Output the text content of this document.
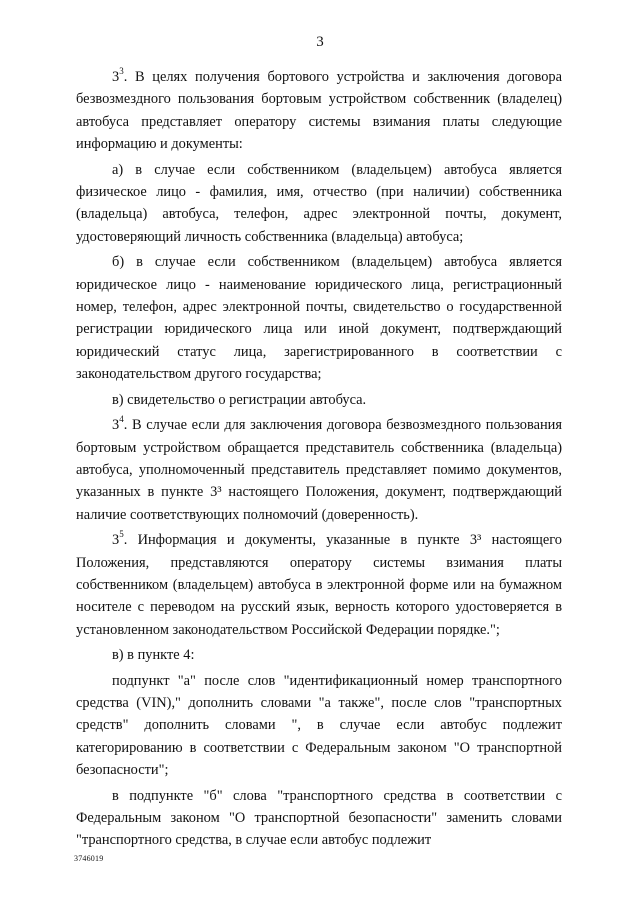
3

$3^3$. В целях получения бортового устройства и заключения договора безвозмездного пользования бортовым устройством собственник (владелец) автобуса представляет оператору системы взимания платы следующие информацию и документы:

а) в случае если собственником (владельцем) автобуса является физическое лицо - фамилия, имя, отчество (при наличии) собственника (владельца) автобуса, телефон, адрес электронной почты, документ, удостоверяющий личность собственника (владельца) автобуса;

б) в случае если собственником (владельцем) автобуса является юридическое лицо - наименование юридического лица, регистрационный номер, телефон, адрес электронной почты, свидетельство о государственной регистрации юридического лица или иной документ, подтверждающий юридический статус лица, зарегистрированного в соответствии с законодательством другого государства;

в) свидетельство о регистрации автобуса.

$3^4$. В случае если для заключения договора безвозмездного пользования бортовым устройством обращается представитель собственника (владельца) автобуса, уполномоченный представитель представляет помимо документов, указанных в пункте 3³ настоящего Положения, документ, подтверждающий наличие соответствующих полномочий (доверенность).

$3^5$. Информация и документы, указанные в пункте 3³ настоящего Положения, представляются оператору системы взимания платы собственником (владельцем) автобуса в электронной форме или на бумажном носителе с переводом на русский язык, верность которого удостоверяется в установленном законодательством Российской Федерации порядке.";

в) в пункте 4:

подпункт "а" после слов "идентификационный номер транспортного средства (VIN)," дополнить словами "а также", после слов "транспортных средств" дополнить словами ", в случае если автобус подлежит категорированию в соответствии с Федеральным законом "О транспортной безопасности";

в подпункте "б" слова "транспортного средства в соответствии с Федеральным законом "О транспортной безопасности" заменить словами "транспортного средства, в случае если автобус подлежит

3746019
